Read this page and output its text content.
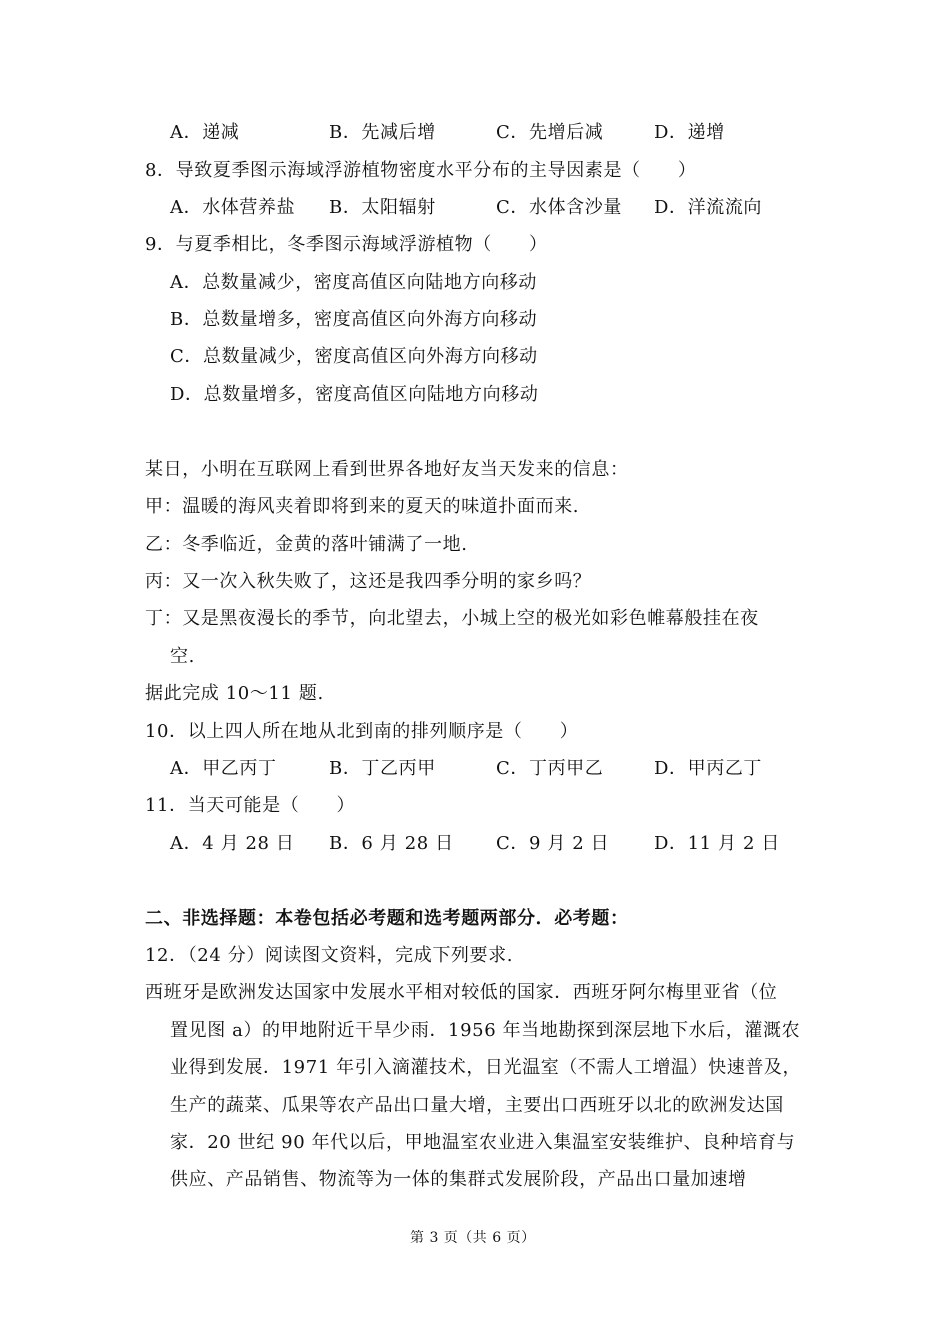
A．递减	B．先减后增	C．先增后减	D．递增
8．导致夏季图示海域浮游植物密度水平分布的主导因素是（　　）
A．水体营养盐 B．太阳辐射	C．水体含沙量 D．洋流流向
9．与夏季相比，冬季图示海域浮游植物（　　）
A．总数量减少，密度高值区向陆地方向移动
B．总数量增多，密度高值区向外海方向移动
C．总数量减少，密度高值区向外海方向移动
D．总数量增多，密度高值区向陆地方向移动
某日，小明在互联网上看到世界各地好友当天发来的信息：
甲：温暖的海风夹着即将到来的夏天的味道扑面而来.
乙：冬季临近，金黄的落叶铺满了一地.
丙：又一次入秋失败了，这还是我四季分明的家乡吗？
丁：又是黑夜漫长的季节，向北望去，小城上空的极光如彩色帷幕般挂在夜
空.
据此完成 10～11 题.
10．以上四人所在地从北到南的排列顺序是（　　）
A．甲乙丙丁	B．丁乙丙甲	C．丁丙甲乙	D．甲丙乙丁
11．当天可能是（　　）
A．4 月 28 日 B．6 月 28 日 C．9 月 2 日 D．11 月 2 日
二、非选择题：本卷包括必考题和选考题两部分．必考题：
12．（24 分）阅读图文资料，完成下列要求.
西班牙是欧洲发达国家中发展水平相对较低的国家．西班牙阿尔梅里亚省（位
置见图 a）的甲地附近干旱少雨．1956 年当地勘探到深层地下水后，灌溉农
业得到发展．1971 年引入滴灌技术，日光温室（不需人工增温）快速普及，
生产的蔬菜、瓜果等农产品出口量大增，主要出口西班牙以北的欧洲发达国
家．20 世纪 90 年代以后，甲地温室农业进入集温室安装维护、良种培育与
供应、产品销售、物流等为一体的集群式发展阶段，产品出口量加速增
第 3 页（共 6 页）
